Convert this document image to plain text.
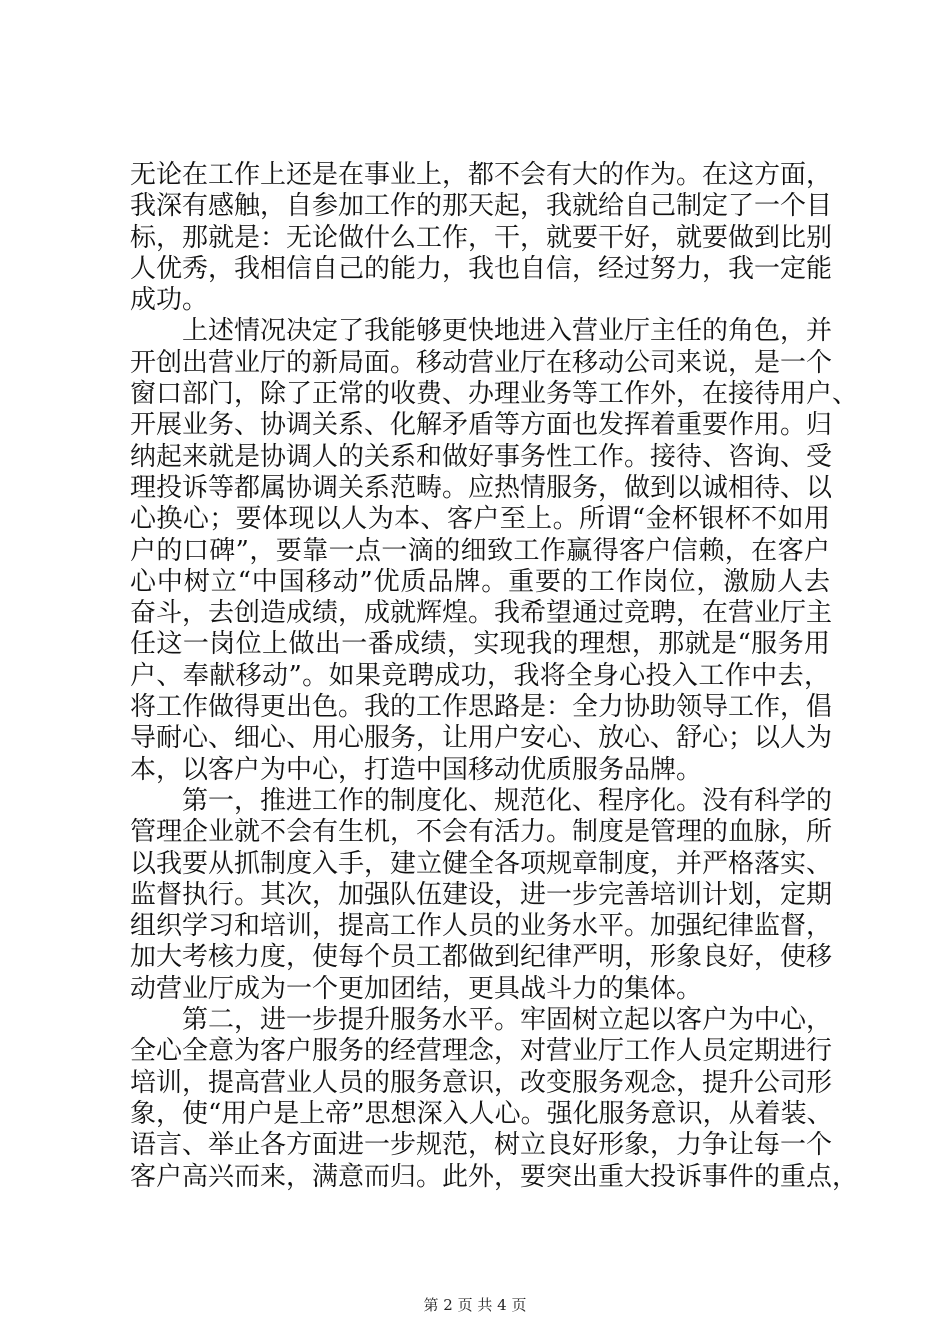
无论在工作上还是在事业上，都不会有大的作为。在这方面，
我深有感触，自参加工作的那天起，我就给自己制定了一个目
标，那就是：无论做什么工作，干，就要干好，就要做到比别
人优秀，我相信自己的能力，我也自信，经过努力，我一定能
成功。
上述情况决定了我能够更快地进入营业厅主任的角色，并
开创出营业厅的新局面。移动营业厅在移动公司来说，是一个
窗口部门，除了正常的收费、办理业务等工作外，在接待用户、
开展业务、协调关系、化解矛盾等方面也发挥着重要作用。归
纳起来就是协调人的关系和做好事务性工作。接待、咨询、受
理投诉等都属协调关系范畴。应热情服务，做到以诚相待、以
心换心；要体现以人为本、客户至上。所谓“金杯银杯不如用
户的口碑”，要靠一点一滴的细致工作赢得客户信赖，在客户
心中树立“中国移动”优质品牌。重要的工作岗位，激励人去
奋斗，去创造成绩，成就辉煌。我希望通过竞聘，在营业厅主
任这一岗位上做出一番成绩，实现我的理想，那就是“服务用
户、奉献移动”。如果竞聘成功，我将全身心投入工作中去，
将工作做得更出色。我的工作思路是：全力协助领导工作，倡
导耐心、细心、用心服务，让用户安心、放心、舒心；以人为
本，以客户为中心，打造中国移动优质服务品牌。
第一，推进工作的制度化、规范化、程序化。没有科学的
管理企业就不会有生机，不会有活力。制度是管理的血脉，所
以我要从抓制度入手，建立健全各项规章制度，并严格落实、
监督执行。其次，加强队伍建设，进一步完善培训计划，定期
组织学习和培训，提高工作人员的业务水平。加强纪律监督，
加大考核力度，使每个员工都做到纪律严明，形象良好，使移
动营业厅成为一个更加团结，更具战斗力的集体。
第二，进一步提升服务水平。牢固树立起以客户为中心，
全心全意为客户服务的经营理念，对营业厅工作人员定期进行
培训，提高营业人员的服务意识，改变服务观念，提升公司形
象，使“用户是上帝”思想深入人心。强化服务意识，从着装、
语言、举止各方面进一步规范，树立良好形象，力争让每一个
客户高兴而来，满意而归。此外，要突出重大投诉事件的重点，
第 2 页 共 4 页
